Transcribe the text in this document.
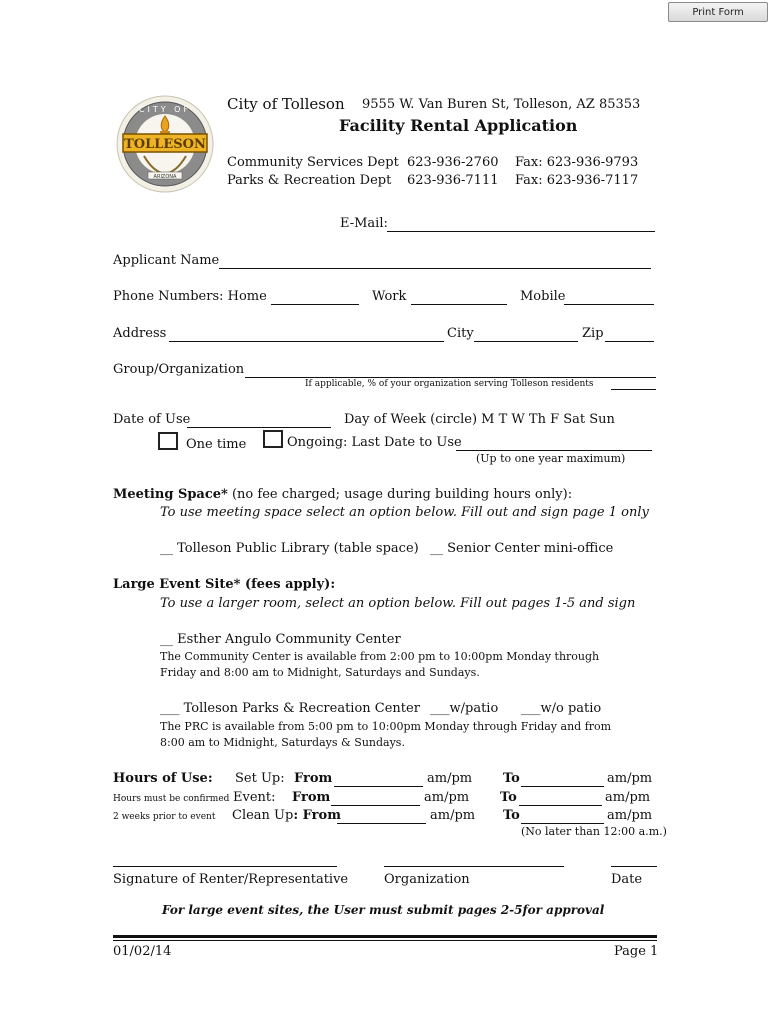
Print Form
CITY OF
TOLLESON
ARIZONA
City of Tolleson 9555 W. Van Buren St, Tolleson, AZ 85353
Facility Rental Application
Community Services Dept 623-936-2760 Fax: 623-936-9793
Parks & Recreation Dept 623-936-7111 Fax: 623-936-7117
E-Mail:
Applicant Name
Phone Numbers: Home	Work	Mobile
Address	City	Zip
Group/Organization
If applicable, % of your organization serving Tolleson residents
Date of Use	Day of Week (circle) M T W Th F Sat Sun
One time	Ongoing: Last Date to Use
(Up to one year maximum)
Meeting Space* (no fee charged; usage during building hours only):
To use meeting space select an option below. Fill out and sign page 1 only
__ Tolleson Public Library (table space) __ Senior Center mini-office
Large Event Site* (fees apply):
To use a larger room, select an option below. Fill out pages 1-5 and sign
__ Esther Angulo Community Center
The Community Center is available from 2:00 pm to 10:00pm Monday through
Friday and 8:00 am to Midnight, Saturdays and Sundays.
___ Tolleson Parks & Recreation Center ___w/patio ___w/o patio
The PRC is available from 5:00 pm to 10:00pm Monday through Friday and from
8:00 am to Midnight, Saturdays & Sundays.
Hours of Use:
Hours must be confirmed
2 weeks prior to event
Set Up: From	am/pm To	am/pm
Event: From	am/pm To	am/pm
Clean Up: From	am/pm To	am/pm
(No later than 12:00 a.m.)
Signature of Renter/Representative	Organization	Date
For large event sites, the User must submit pages 2-5for approval
01/02/14	Page 1
